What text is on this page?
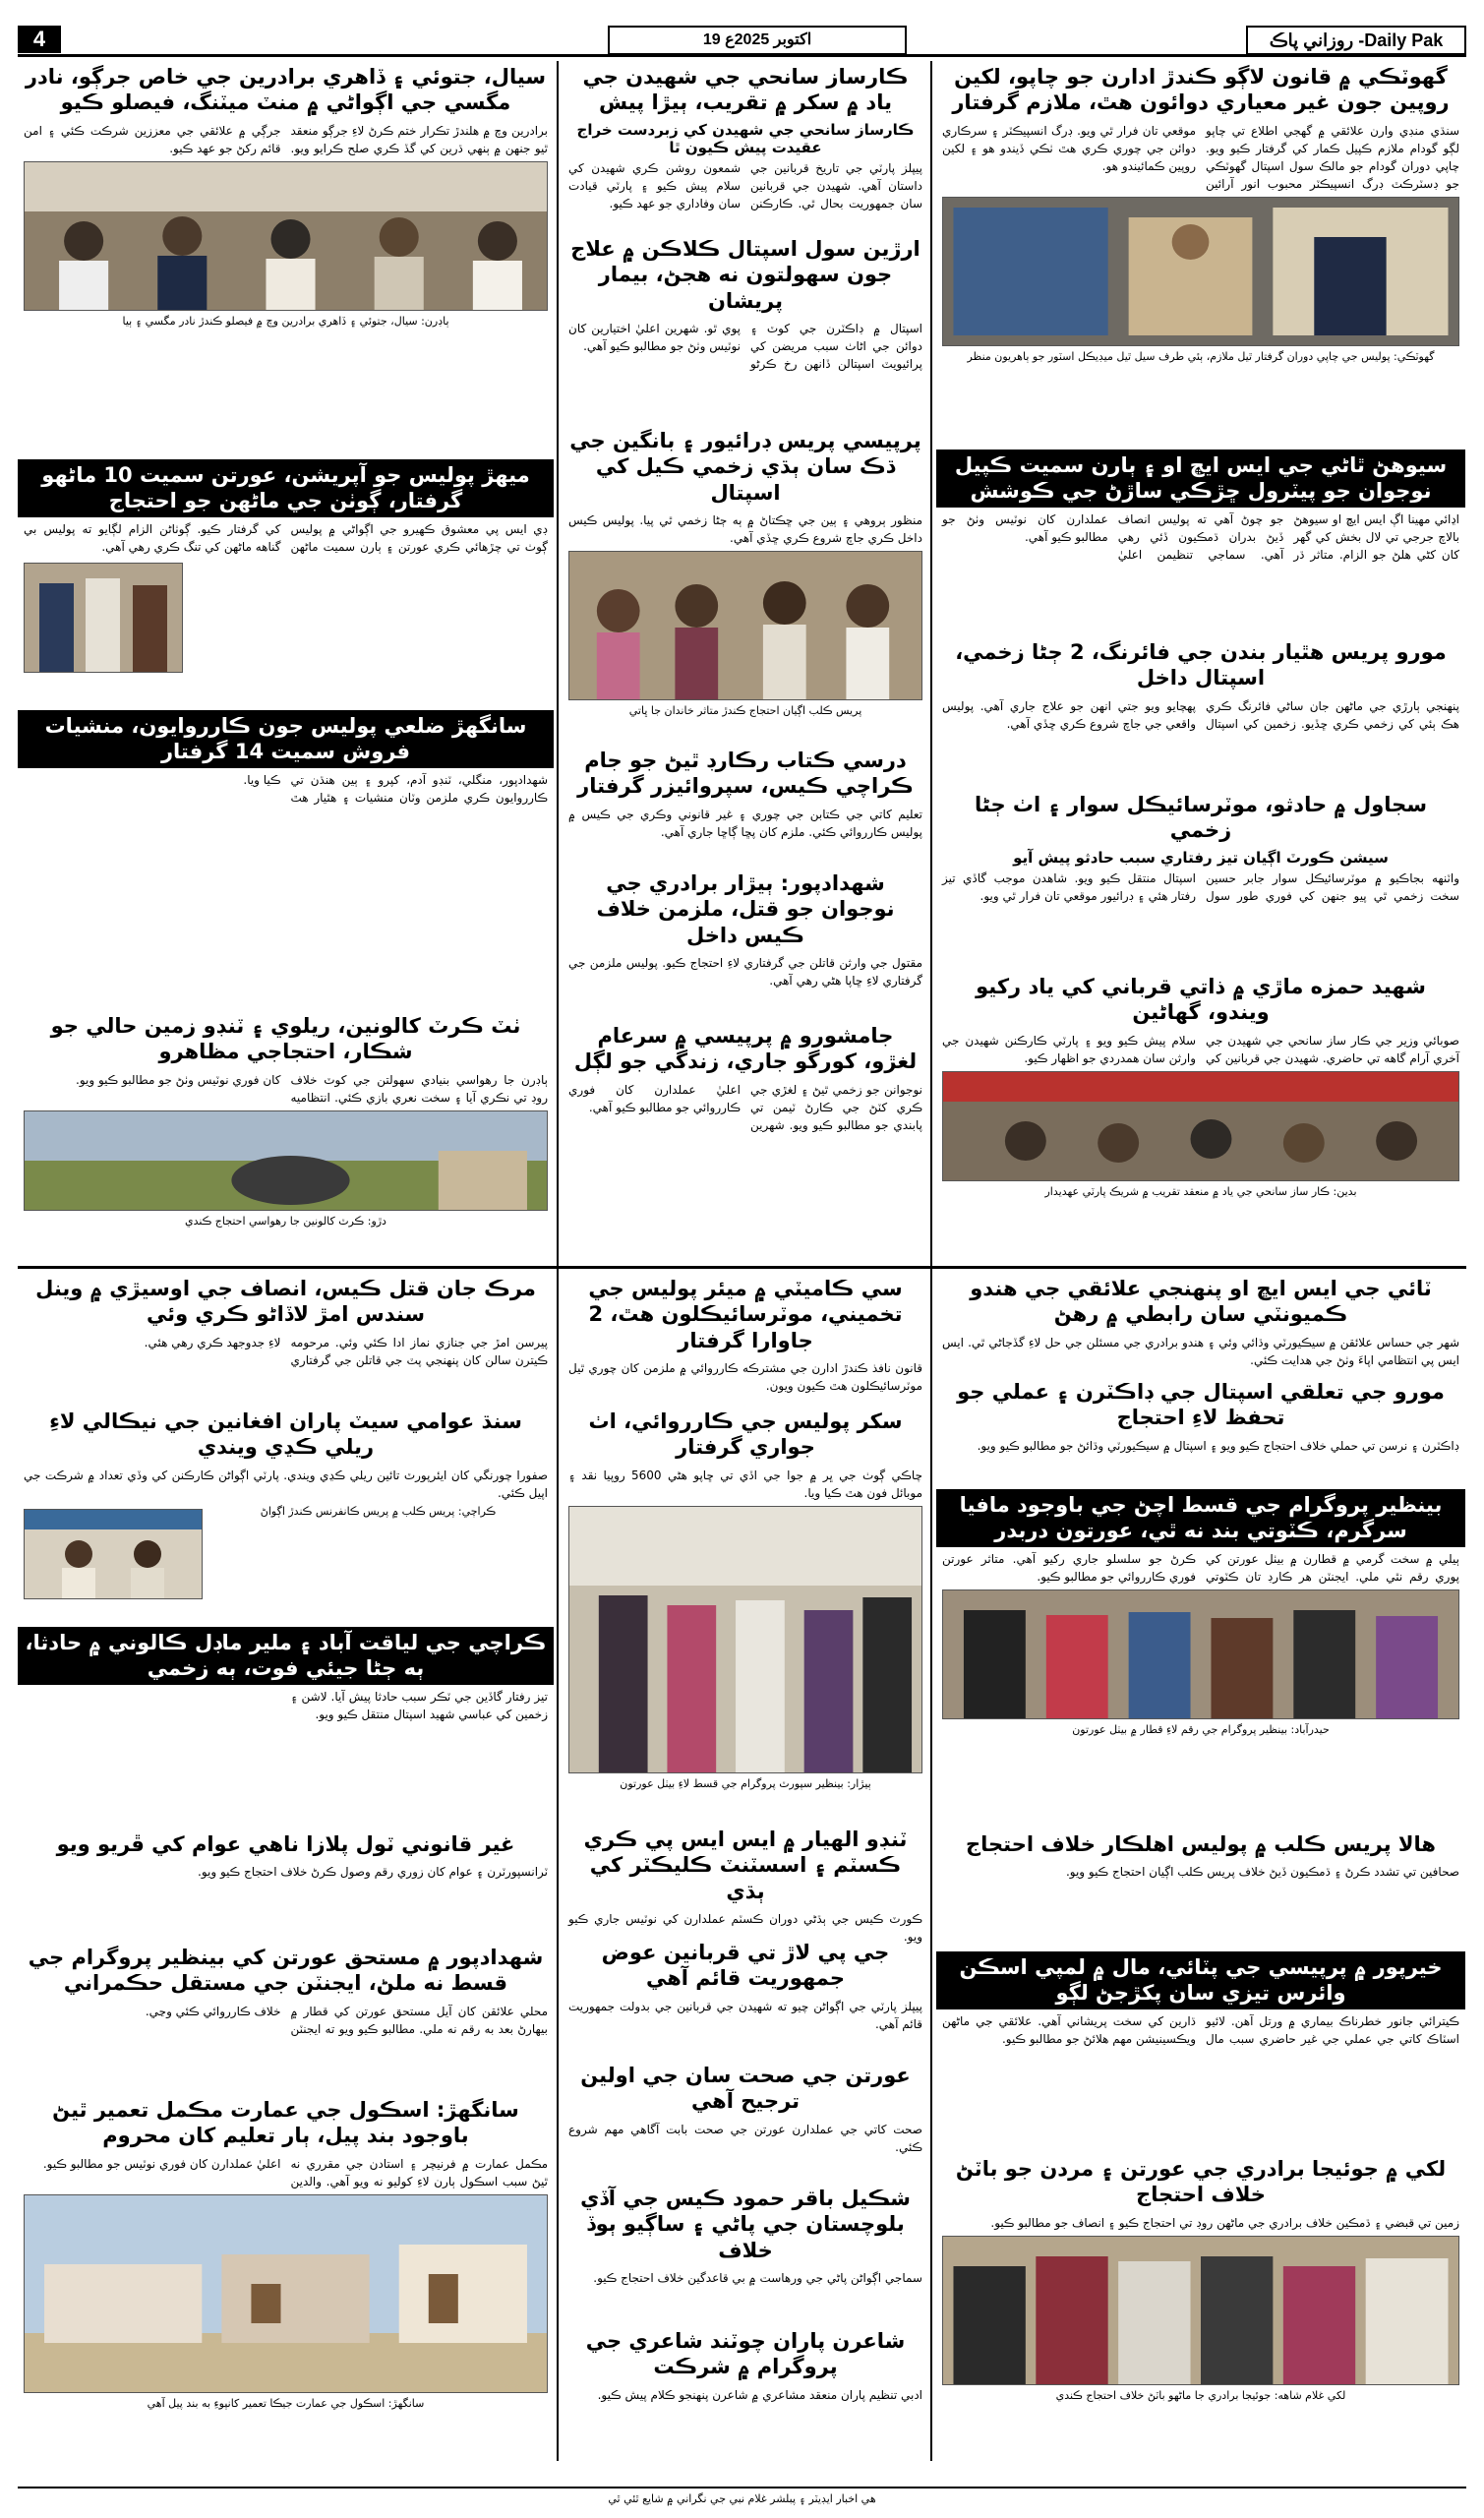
4	19 اکتوبر 2025ع	روزاني پاڪ -Daily Pak
گهوٽڪي ۾ قانون لاڳو ڪندڙ ادارن جو چاپو، لکين روپين جون غير معياري دوائون هٿ، ملازم گرفتار

سنڌي منڊي وارن علائقي ۾ گهجي اطلاع تي چاپو لڳو گودام ملازم ڪپيل ڪمار کي گرفتار ڪيو ويو. چاپي دوران گودام جو مالڪ سول اسپتال گهوٽڪي جو ڊسٽرڪٽ ڊرگ انسپيڪٽر محبوب انور آرائين موقعي تان فرار ٿي ويو. ڊرگ انسپيڪٽر ۽ سرڪاري دوائن جي چوري ڪري هٿ ٺڪي ڏيندو هو ۽ لکين روپين ڪمائيندو هو.

گهوٽڪي: پوليس جي چاپي دوران گرفتار ٿيل ملازم، ٻئي طرف سيل ٿيل ميڊيڪل اسٽور جو ٻاهريون منظر

سيوهڻ ٿاڻي جي ايس ايڇ او ۽ ٻارن سميت ڪپيل نوجوان جو پيٽرول ڇڙڪي ساڙڻ جي ڪوشش

اڍائي مهينا اڳ ايس ايڇ او سيوهڻ بالاچ جرجي تي لال بخش کي گهر کان کڻي هلڻ جو الزام. متاثر ڌر جو چوڻ آهي ته پوليس انصاف ڏيڻ بدران ڌمڪيون ڏئي رهي آهي. سماجي تنظيمن اعليٰ عملدارن کان نوٽيس وٺڻ جو مطالبو ڪيو آهي.

مورو پريس هٿيار بندن جي فائرنگ، 2 ڄڻا زخمي، اسپتال داخل

پنهنجي ٻارڙي جي ماڻهن جان ساڻي فائرنگ ڪري هڪ ٻئي کي زخمي ڪري ڇڏيو. زخمين کي اسپتال پهچايو ويو جتي انهن جو علاج جاري آهي. پوليس واقعي جي جاچ شروع ڪري ڇڏي آهي.

سجاول ۾ حادثو، موٽرسائيڪل سوار ۽ اٺ ڄڻا زخمي

سيشن ڪورٽ اڳيان تيز رفتاري سبب حادثو پيش آيو

واٽنهه بجاڪيو ۾ موٽرسائيڪل سوار جابر حسين سخت زخمي ٿي پيو جنهن کي فوري طور سول اسپتال منتقل ڪيو ويو. شاهدن موجب گاڏي تيز رفتار هئي ۽ ڊرائيور موقعي تان فرار ٿي ويو.

شهيد حمزه ماڙي ۾ ذاتي قرباني کي ياد رکيو ويندو، گهاڻين

صوبائي وزير جي ڪار ساز سانحي جي شهيدن جي آخري آرام گاهه تي حاضري. شهيدن جي قربانين کي سلام پيش ڪيو ويو ۽ پارٽي ڪارڪنن شهيدن جي وارثن سان همدردي جو اظهار ڪيو.

بدين: ڪار ساز سانحي جي ياد ۾ منعقد تقريب ۾ شريڪ پارٽي عهديدار

ٽائي جي ايس ايڇ او پنهنجي علائقي جي هندو ڪميونٽي سان رابطي ۾ رهڻ

شهر جي حساس علائقن ۾ سيڪيورٽي وڌائي وئي ۽ هندو برادري جي مسئلن جي حل لاءِ گڏجاڻي ٿي. ايس ايس پي انتظامي اپاءَ وٺڻ جي هدايت ڪئي.

مورو جي تعلقي اسپتال جي ڊاڪٽرن ۽ عملي جو تحفظ لاءِ احتجاج

ڊاڪٽرن ۽ نرسن تي حملي خلاف احتجاج ڪيو ويو ۽ اسپتال ۾ سيڪيورٽي وڌائڻ جو مطالبو ڪيو ويو.

بينظير پروگرام جي قسط اچڻ جي باوجود مافيا سرگرم، ڪٽوتي بند نه ٿي، عورتون دربدر

ٻيلي ۾ سخت گرمي ۾ قطارن ۾ بيٺل عورتن کي پوري رقم نٿي ملي. ايجنٽن هر ڪارڊ تان ڪٽوتي ڪرڻ جو سلسلو جاري رکيو آهي. متاثر عورتن فوري ڪارروائي جو مطالبو ڪيو.

حيدرآباد: بينظير پروگرام جي رقم لاءِ قطار ۾ بيٺل عورتون

هالا پريس ڪلب ۾ پوليس اهلڪار خلاف احتجاج

صحافين تي تشدد ڪرڻ ۽ ڌمڪيون ڏيڻ خلاف پريس ڪلب اڳيان احتجاج ڪيو ويو.

خيرپور ۾ پرپيسي جي پٽائي، مال ۾ لمپي اسڪن وائرس تيزي سان پکڙجڻ لڳو

ڪيترائي جانور خطرناڪ بيماري ۾ ورتل آهن. لائيو اسٽاڪ کاتي جي عملي جي غير حاضري سبب مال ڌارين کي سخت پريشاني آهي. علائقي جي ماڻهن ويڪسينيشن مهم هلائڻ جو مطالبو ڪيو.

لکي ۾ جوئيجا برادري جي عورتن ۽ مردن جو باٽڻ خلاف احتجاج

زمين تي قبضي ۽ ڌمڪين خلاف برادري جي ماڻهن روڊ تي احتجاج ڪيو ۽ انصاف جو مطالبو ڪيو.

لکي غلام شاهه: جوئيجا برادري جا ماڻهو باٽڻ خلاف احتجاج ڪندي

ڪارساز سانحي جي شهيدن جي ياد ۾ سکر ۾ تقريب، ٻيڙا پيش

ڪارساز سانحي جي شهيدن کي زبردست خراج عقيدت پيش ڪيون ٿا

پيپلز پارٽي جي تاريخ قربانين جي داستان آهي. شهيدن جي قربانين سان جمهوريت بحال ٿي. ڪارڪنن شمعون روشن ڪري شهيدن کي سلام پيش ڪيو ۽ پارٽي قيادت سان وفاداري جو عهد ڪيو.

ارڙين سول اسپتال ڪلاڪن ۾ علاج جون سهولتون نه هجڻ، بيمار پريشان

اسپتال ۾ ڊاڪٽرن جي کوٽ ۽ دوائن جي اڻاٺ سبب مريضن کي پرائيويٽ اسپتالن ڏانهن رخ ڪرڻو پوي ٿو. شهرين اعليٰ اختيارين کان نوٽيس وٺڻ جو مطالبو ڪيو آهي.

پرپيسي پريس ڊرائيور ۽ بانگين جي ڌڪ سان ٻڌي زخمي ڪيل کي اسپتال

منظور ٻروهي ۽ ٻين جي ڇڪتاڻ ۾ ٻه ڄڻا زخمي ٿي پيا. پوليس ڪيس داخل ڪري جاچ شروع ڪري ڇڏي آهي.

پريس ڪلب اڳيان احتجاج ڪندڙ متاثر خاندان جا ڀاتي

درسي ڪتاب رڪارڊ ٿيڻ جو جام ڪراچي ڪيس، سپروائيزر گرفتار

تعليم کاتي جي ڪتابن جي چوري ۽ غير قانوني وڪري جي ڪيس ۾ پوليس ڪارروائي ڪئي. ملزم کان پڇا ڳاڇا جاري آهي.

شهدادپور: ٻيڙار برادري جي نوجوان جو قتل، ملزمن خلاف ڪيس داخل

مقتول جي وارثن قاتلن جي گرفتاري لاءِ احتجاج ڪيو. پوليس ملزمن جي گرفتاري لاءِ ڇاپا هڻي رهي آهي.

جامشورو ۾ پرپيسي ۾ سرعام لغڙو، کورگو جاري، زندگي جو لڳل

نوجوانن جو زخمي ٿيڻ ۽ لغڙي جي ڪري کٽڻ جي ڪارڻ ٽيمن تي پابندي جو مطالبو ڪيو ويو. شهرين اعليٰ عملدارن کان فوري ڪارروائي جو مطالبو ڪيو آهي.

سي ڪاميٽي ۾ ميئر پوليس جي تخميني، موٽرسائيڪلون هٿ، 2 جاوارا گرفتار

قانون نافذ ڪندڙ ادارن جي مشترڪه ڪارروائي ۾ ملزمن کان چوري ٿيل موٽرسائيڪلون هٿ ڪيون ويون.

سکر پوليس جي ڪارروائي، اٺ جواري گرفتار

چاڪي ڳوٺ جي ڀر ۾ جوا جي اڏي تي ڇاپو هڻي 5600 روپيا نقد ۽ موبائل فون هٿ ڪيا ويا.

ٻيڙار: بينظير سپورٽ پروگرام جي قسط لاءِ بيٺل عورتون

ٽنڊو الهيار ۾ ايس ايس پي ڪري ڪسٽم ۽ اسسٽنٽ ڪليڪٽر کي ٻڌي

ڪورٽ ڪيس جي ٻڌڻي دوران ڪسٽم عملدارن کي نوٽيس جاري ڪيو ويو.

جي پي لاڙ تي قربانين عوض جمهوريت قائم آهي

پيپلز پارٽي جي اڳواڻن چيو ته شهيدن جي قربانين جي بدولت جمهوريت قائم آهي.

عورتن جي صحت سان جي اولين ترجيح آهي

صحت کاتي جي عملدارن عورتن جي صحت بابت آگاهي مهم شروع ڪئي.

شڪيل باقر حمود ڪيس جي آڏي بلوچستان جي پاڻي ۽ ساڳيو ٻوڏ خلاف

سماجي اڳواڻن پاڻي جي ورهاست ۾ بي قاعدگين خلاف احتجاج ڪيو.

شاعرن پاران چوٽند شاعري جي پروگرام ۾ شرڪت

ادبي تنظيم پاران منعقد مشاعري ۾ شاعرن پنهنجو ڪلام پيش ڪيو.

سيال، جتوئي ۽ ڏاهري برادرين جي خاص جرڳو، نادر مگسي جي اڳواڻي ۾ منٽ ميٽنگ، فيصلو ڪيو

برادرين وچ ۾ هلندڙ تڪرار ختم ڪرڻ لاءِ جرڳو منعقد ٿيو جنهن ۾ ٻنهي ڌرين کي گڏ ڪري صلح ڪرايو ويو. جرڳي ۾ علائقي جي معززين شرڪت ڪئي ۽ امن قائم رکڻ جو عهد ڪيو.

ٻاڊرن: سيال، جتوئي ۽ ڏاهري برادرين وچ ۾ فيصلو ڪندڙ نادر مگسي ۽ ٻيا

ميهڙ پوليس جو آپريشن، عورتن سميت 10 ماڻهو گرفتار، ڳوٺن جي ماڻهن جو احتجاج

ڊي ايس پي معشوق ڪهيرو جي اڳواڻي ۾ پوليس ڳوٺ تي چڙهائي ڪري عورتن ۽ ٻارن سميت ماڻهن کي گرفتار ڪيو. ڳوٺاڻن الزام لڳايو ته پوليس بي گناهه ماڻهن کي تنگ ڪري رهي آهي.

سانگهڙ ضلعي پوليس جون ڪارروايون، منشيات فروش سميت 14 گرفتار

شهدادپور، منگلي، ٽنڊو آدم، کپرو ۽ ٻين هنڌن تي ڪارروايون ڪري ملزمن وٽان منشيات ۽ هٿيار هٿ ڪيا ويا.

ٺٽ ڪرٽ کالونين، ريلوي ۽ ٽنڊو زمين حالي جو شڪار، احتجاجي مظاهرو

ٻاڊرن جا رهواسي بنيادي سهولتن جي کوٽ خلاف روڊ تي نڪري آيا ۽ سخت نعري بازي ڪئي. انتظاميه کان فوري نوٽيس وٺڻ جو مطالبو ڪيو ويو.

دڙو: ڪرٽ کالونين جا رهواسي احتجاج ڪندي

مرڪ جان قتل ڪيس، انصاف جي اوسيڙي ۾ وينل سندس امڙ لاڏاڻو ڪري وئي

پيرسن امڙ جي جنازي نماز ادا ڪئي وئي. مرحومه ڪيترن سالن کان پنهنجي پٽ جي قاتلن جي گرفتاري لاءِ جدوجهد ڪري رهي هئي.

سنڌ عوامي سيٽ پاران افغانين جي نيڪالي لاءِ ريلي ڪڍي ويندي

صفورا چورنگي کان ايئرپورٽ تائين ريلي ڪڍي ويندي. پارٽي اڳواڻن ڪارڪنن کي وڏي تعداد ۾ شرڪت جي اپيل ڪئي.

ڪراچي: پريس ڪلب ۾ پريس ڪانفرنس ڪندڙ اڳواڻ

ڪراچي جي لياقت آباد ۽ ملير ماڊل ڪالوني ۾ حادثا، ٻه ڄڻا جيئي فوت، ٻه زخمي

تيز رفتار گاڏين جي ٽڪر سبب حادثا پيش آيا. لاشن ۽ زخمين کي عباسي شهيد اسپتال منتقل ڪيو ويو.

غير قانوني ٽول پلازا ناهي عوام کي ڦريو ويو

ٽرانسپورٽرن ۽ عوام کان زوري رقم وصول ڪرڻ خلاف احتجاج ڪيو ويو.

شهدادپور ۾ مستحق عورتن کي بينظير پروگرام جي قسط نه ملڻ، ايجنٽن جي مستقل حڪمراني

محلي علائقن کان آيل مستحق عورتن کي قطار ۾ بيهارڻ بعد به رقم نه ملي. مطالبو ڪيو ويو ته ايجنٽن خلاف ڪارروائي ڪئي وڃي.

سانگهڙ: اسڪول جي عمارت مڪمل تعمير ٿيڻ باوجود بند پيل، ٻار تعليم کان محروم

مڪمل عمارت ۾ فرنيچر ۽ استادن جي مقرري نه ٿيڻ سبب اسڪول ٻارن لاءِ کوليو نه ويو آهي. والدين اعليٰ عملدارن کان فوري نوٽيس جو مطالبو ڪيو.

سانگهڙ: اسڪول جي عمارت جيڪا تعمير کانپوءِ به بند پيل آهي

هي اخبار ايڊيٽر ۽ پبلشر غلام نبي جي نگراني ۾ شايع ٿئي ٿي
